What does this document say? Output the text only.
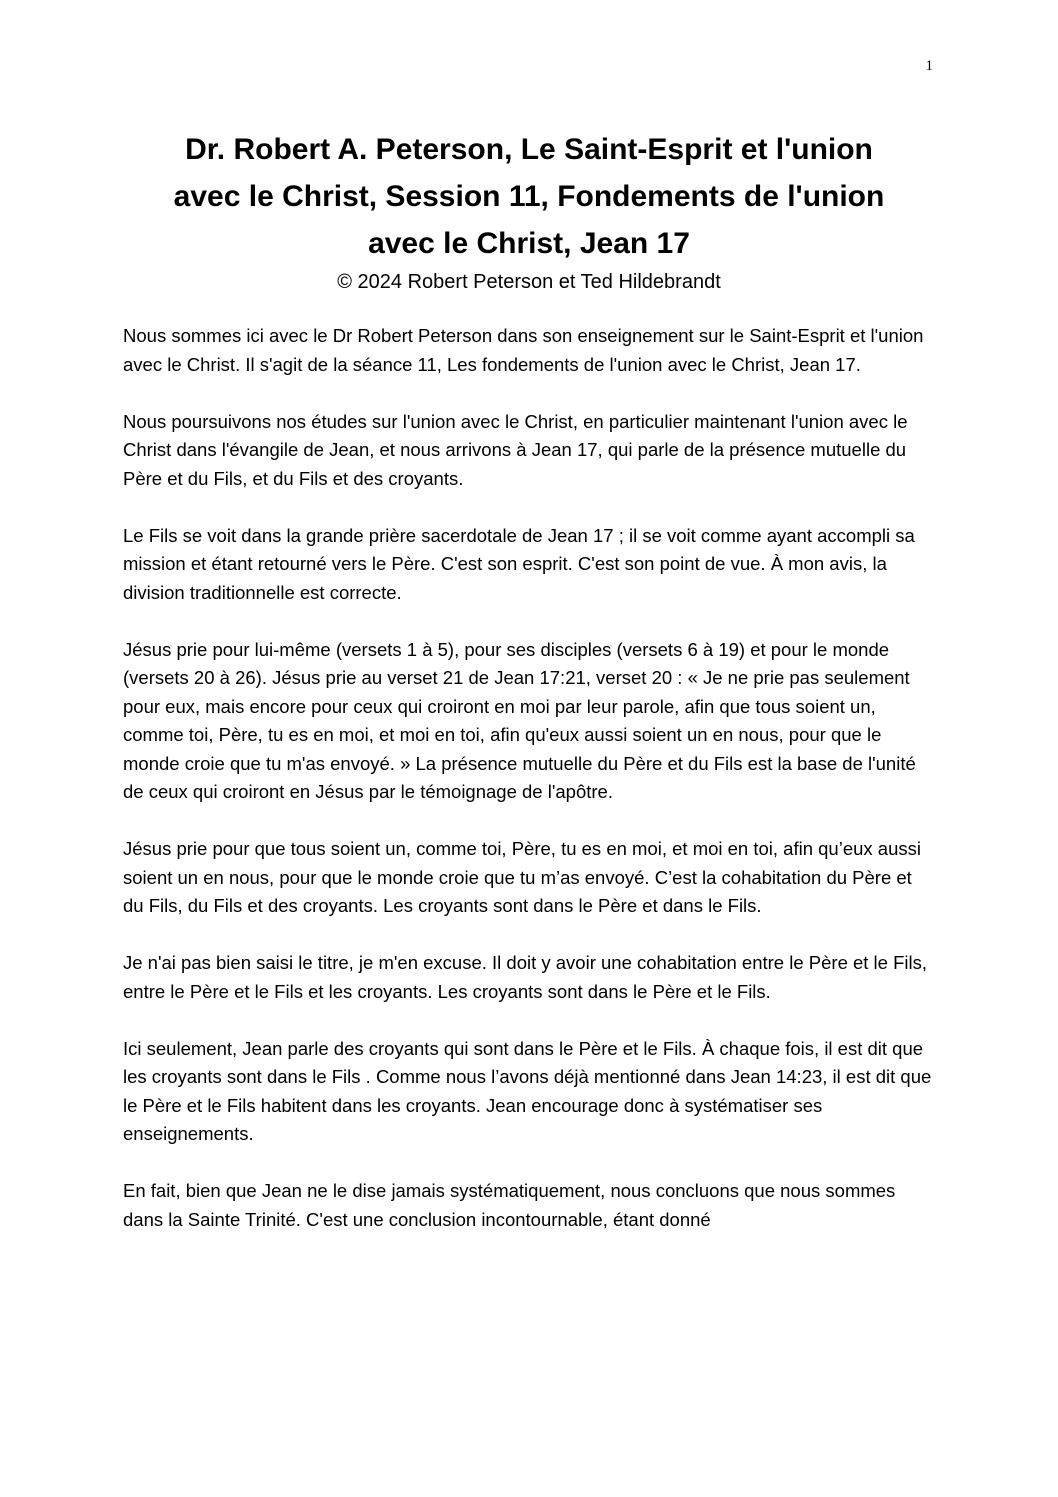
1
Dr. Robert A. Peterson, Le Saint-Esprit et l'union avec le Christ, Session 11, Fondements de l'union avec le Christ, Jean 17
© 2024 Robert Peterson et Ted Hildebrandt

Nous sommes ici avec le Dr Robert Peterson dans son enseignement sur le Saint-Esprit et l'union avec le Christ. Il s'agit de la séance 11, Les fondements de l'union avec le Christ, Jean 17.

Nous poursuivons nos études sur l'union avec le Christ, en particulier maintenant l'union avec le Christ dans l'évangile de Jean, et nous arrivons à Jean 17, qui parle de la présence mutuelle du Père et du Fils, et du Fils et des croyants.

Le Fils se voit dans la grande prière sacerdotale de Jean 17 ; il se voit comme ayant accompli sa mission et étant retourné vers le Père. C'est son esprit. C'est son point de vue. À mon avis, la division traditionnelle est correcte.

Jésus prie pour lui-même (versets 1 à 5), pour ses disciples (versets 6 à 19) et pour le monde (versets 20 à 26). Jésus prie au verset 21 de Jean 17:21, verset 20 : « Je ne prie pas seulement pour eux, mais encore pour ceux qui croiront en moi par leur parole, afin que tous soient un, comme toi, Père, tu es en moi, et moi en toi, afin qu'eux aussi soient un en nous, pour que le monde croie que tu m'as envoyé. » La présence mutuelle du Père et du Fils est la base de l'unité de ceux qui croiront en Jésus par le témoignage de l'apôtre.

Jésus prie pour que tous soient un, comme toi, Père, tu es en moi, et moi en toi, afin qu’eux aussi soient un en nous, pour que le monde croie que tu m’as envoyé. C’est la cohabitation du Père et du Fils, du Fils et des croyants. Les croyants sont dans le Père et dans le Fils.

Je n'ai pas bien saisi le titre, je m'en excuse. Il doit y avoir une cohabitation entre le Père et le Fils, entre le Père et le Fils et les croyants. Les croyants sont dans le Père et le Fils.

Ici seulement, Jean parle des croyants qui sont dans le Père et le Fils. À chaque fois, il est dit que les croyants sont dans le Fils . Comme nous l’avons déjà mentionné dans Jean 14:23, il est dit que le Père et le Fils habitent dans les croyants. Jean encourage donc à systématiser ses enseignements.

En fait, bien que Jean ne le dise jamais systématiquement, nous concluons que nous sommes dans la Sainte Trinité. C'est une conclusion incontournable, étant donné
